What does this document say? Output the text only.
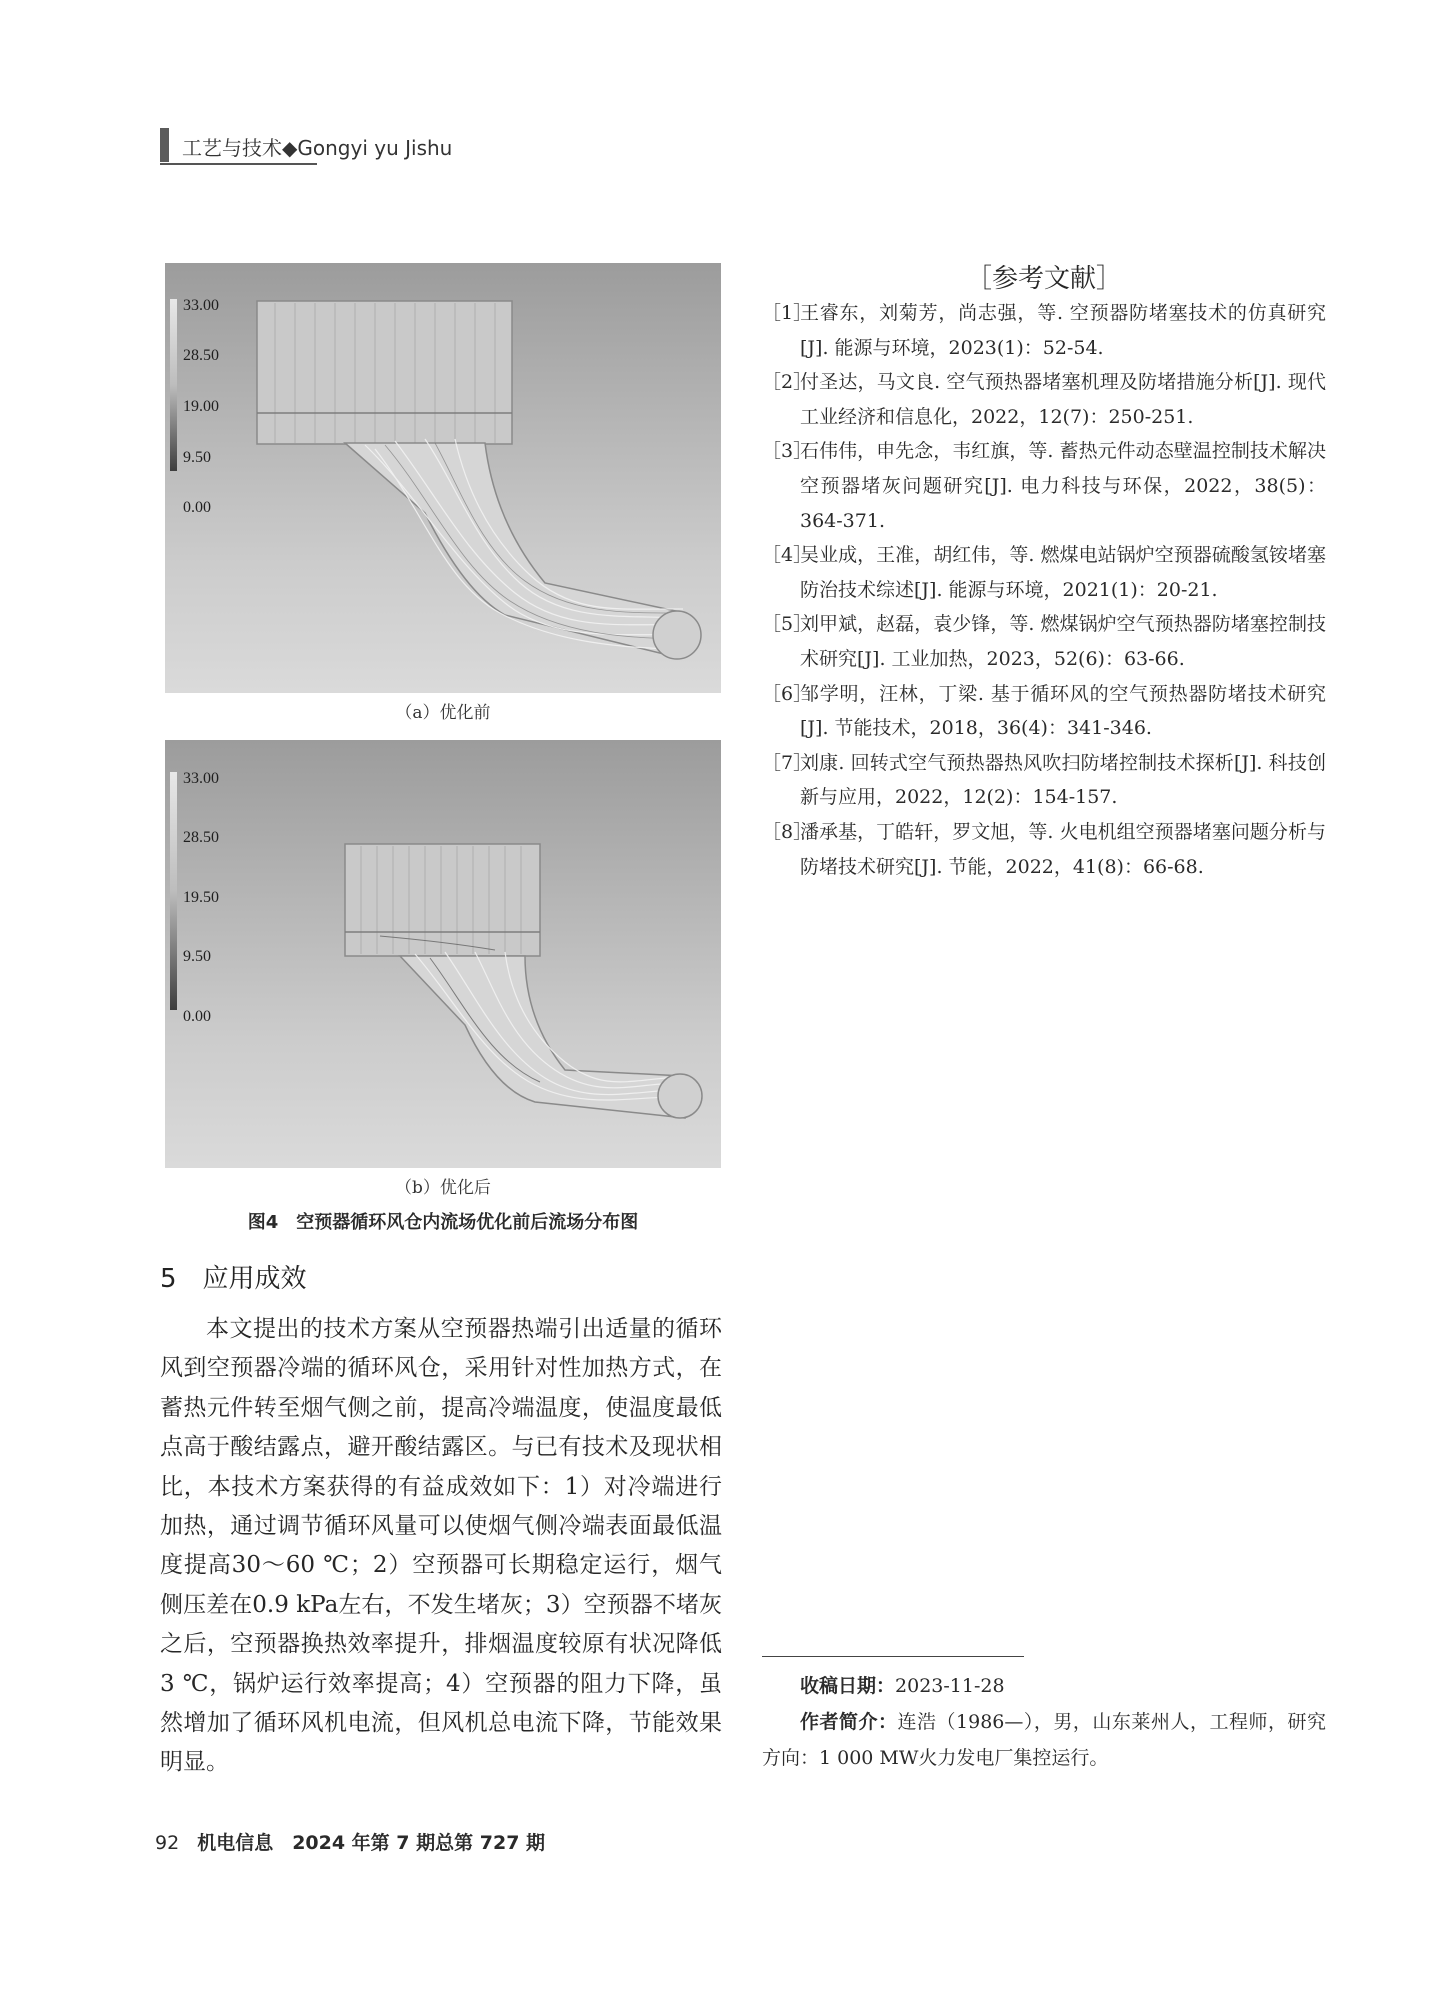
工艺与技术◆Gongyi yu Jishu
33.00
28.50
19.00
9.50
0.00
（a）优化前
33.00
28.50
19.50
9.50
0.00
（b）优化后
图4　空预器循环风仓内流场优化前后流场分布图
5 应用成效
本文提出的技术方案从空预器热端引出适量的循环风到空预器冷端的循环风仓，采用针对性加热方式，在蓄热元件转至烟气侧之前，提高冷端温度，使温度最低点高于酸结露点，避开酸结露区。与已有技术及现状相比，本技术方案获得的有益成效如下：1）对冷端进行加热，通过调节循环风量可以使烟气侧冷端表面最低温度提高30～60 ℃；2）空预器可长期稳定运行，烟气侧压差在0.9 kPa左右，不发生堵灰；3）空预器不堵灰之后，空预器换热效率提升，排烟温度较原有状况降低3 ℃，锅炉运行效率提高；4）空预器的阻力下降，虽然增加了循环风机电流，但风机总电流下降，节能效果明显。
［参考文献］
［1］
王睿东，刘菊芳，尚志强，等. 空预器防堵塞技术的仿真研究[J]. 能源与环境，2023(1)：52-54.
［2］
付圣达，马文良. 空气预热器堵塞机理及防堵措施分析[J]. 现代工业经济和信息化，2022，12(7)：250-251.
［3］
石伟伟，申先念，韦红旗，等. 蓄热元件动态壁温控制技术解决空预器堵灰问题研究[J]. 电力科技与环保，2022，38(5)：364-371.
［4］
吴业成，王准，胡红伟，等. 燃煤电站锅炉空预器硫酸氢铵堵塞防治技术综述[J]. 能源与环境，2021(1)：20-21.
［5］
刘甲斌，赵磊，袁少锋，等. 燃煤锅炉空气预热器防堵塞控制技术研究[J]. 工业加热，2023，52(6)：63-66.
［6］
邹学明，汪林，丁梁. 基于循环风的空气预热器防堵技术研究[J]. 节能技术，2018，36(4)：341-346.
［7］
刘康. 回转式空气预热器热风吹扫防堵控制技术探析[J]. 科技创新与应用，2022，12(2)：154-157.
［8］
潘承基，丁皓轩，罗文旭，等. 火电机组空预器堵塞问题分析与防堵技术研究[J]. 节能，2022，41(8)：66-68.
收稿日期：2023-11-28
作者简介：连浩（1986—），男，山东莱州人，工程师，研究方向：1 000 MW火力发电厂集控运行。
92 机电信息　2024 年第 7 期总第 727 期
